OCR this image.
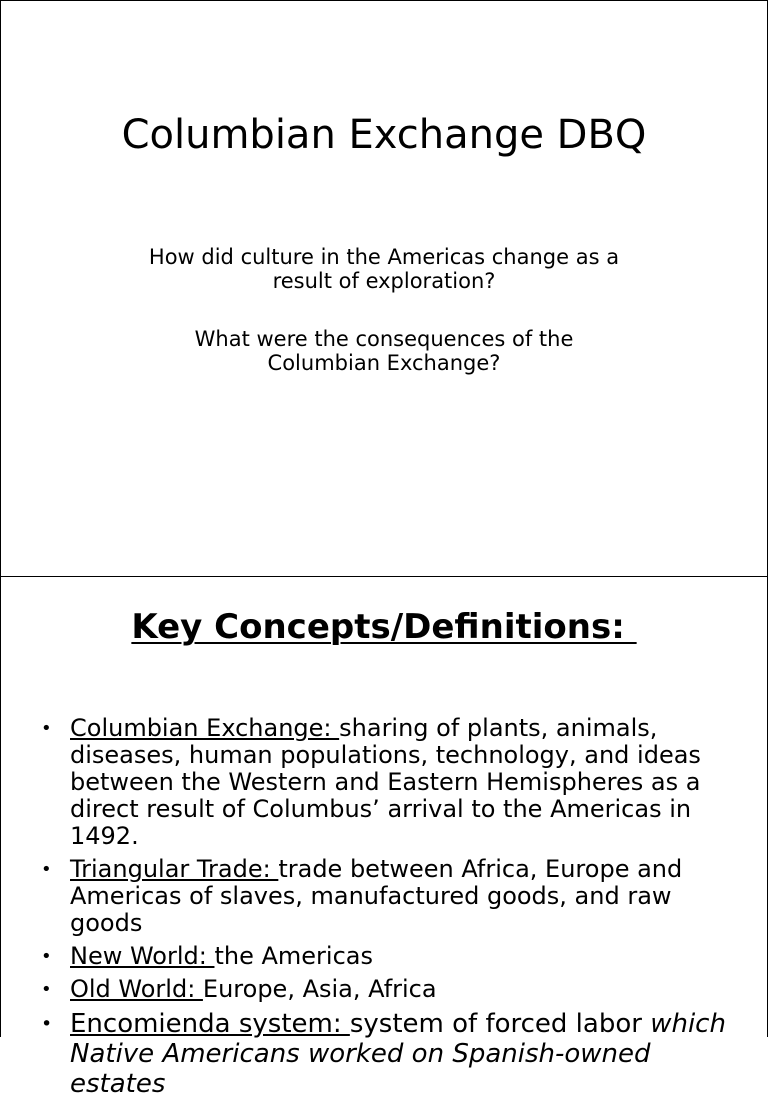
Columbian Exchange DBQ

How did culture in the Americas change as a
result of exploration?

What were the consequences of the
Columbian Exchange?

Key Concepts/Definitions:
• Columbian Exchange: sharing of plants, animals, diseases, human populations, technology, and ideas between the Western and Eastern Hemispheres as a direct result of Columbus’ arrival to the Americas in 1492.
• Triangular Trade: trade between Africa, Europe and Americas of slaves, manufactured goods, and raw goods
• New World: the Americas
• Old World: Europe, Asia, Africa
• Encomienda system: system of forced labor which Native Americans worked on Spanish-owned estates
